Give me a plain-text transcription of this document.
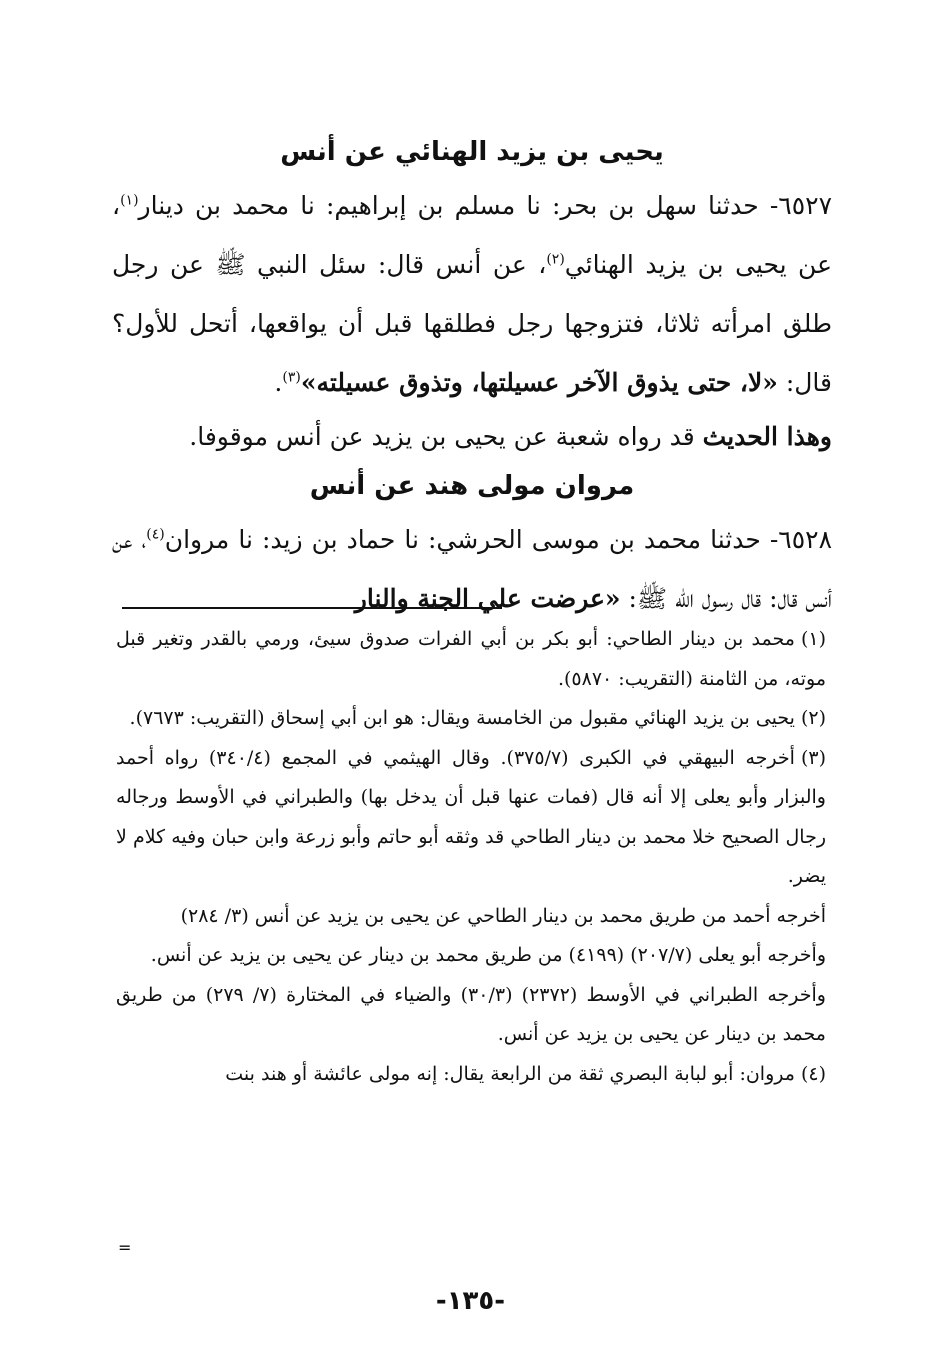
يحيى بن يزيد الهنائي عن أنس

٦٥٢٧- حدثنا سهل بن بحر: نا مسلم بن إبراهيم: نا محمد بن دينار$^{(١)}$، عن يحيى بن يزيد الهنائي$^{(٢)}$، عن أنس قال: سئل النبي ﷺ عن رجل طلق امرأته ثلاثا، فتزوجها رجل فطلقها قبل أن يواقعها، أتحل للأول؟ قال: «لا، حتى يذوق الآخر عسيلتها، وتذوق عسيلته»$^{(٣)}$.

وهذا الحديث قد رواه شعبة عن يحيى بن يزيد عن أنس موقوفا.

مروان مولى هند عن أنس

٦٥٢٨- حدثنا محمد بن موسى الحرشي: نا حماد بن زيد: نا مروان$^{(٤)}$، عن أنس قال: قال رسول الله ﷺ: «عرضت علي الجنة والنار

(١)محمد بن دينار الطاحي: أبو بكر بن أبي الفرات صدوق سيئ، ورمي بالقدر وتغير قبل موته، من الثامنة (التقريب: ٥٨٧٠).

(٢)يحيى بن يزيد الهنائي مقبول من الخامسة ويقال: هو ابن أبي إسحاق (التقريب: ٧٦٧٣).

(٣)أخرجه البيهقي في الكبرى (٣٧٥/٧). وقال الهيثمي في المجمع (٣٤٠/٤) رواه أحمد والبزار وأبو يعلى إلا أنه قال (فمات عنها قبل أن يدخل بها) والطبراني في الأوسط ورجاله رجال الصحيح خلا محمد بن دينار الطاحي قد وثقه أبو حاتم وأبو زرعة وابن حبان وفيه كلام لا يضر.

أخرجه أحمد من طريق محمد بن دينار الطاحي عن يحيى بن يزيد عن أنس (٣/ ٢٨٤)

وأخرجه أبو يعلى (٢٠٧/٧) (٤١٩٩) من طريق محمد بن دينار عن يحيى بن يزيد عن أنس.

وأخرجه الطبراني في الأوسط (٢٣٧٢) (٣٠/٣) والضياء في المختارة (٧/ ٢٧٩) من طريق محمد بن دينار عن يحيى بن يزيد عن أنس.

(٤)مروان: أبو لبابة البصري ثقة من الرابعة يقال: إنه مولى عائشة أو هند بنت

=
-١٣٥-
